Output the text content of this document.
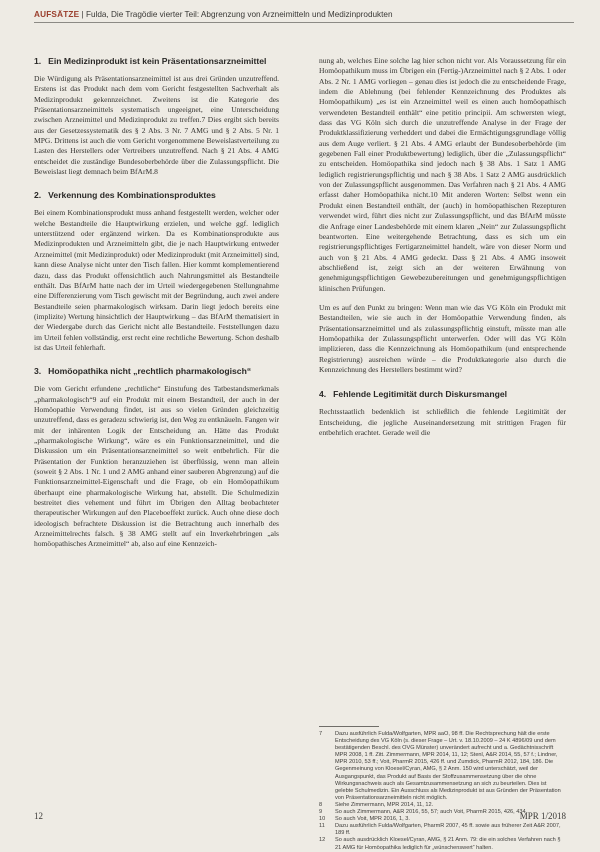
AUFSÄTZE | Fulda, Die Tragödie vierter Teil: Abgrenzung von Arzneimitteln und Medizinprodukten
1. Ein Medizinprodukt ist kein Präsentationsarzneimittel

Die Würdigung als Präsentationsarzneimittel ist aus drei Gründen unzutreffend. Erstens ist das Produkt nach dem vom Gericht festgestellten Sachverhalt als Medizinprodukt gekennzeichnet. Zweitens ist die Kategorie des Präsentationsarzneimittels systematisch ungeeignet, eine Unterscheidung zwischen Arzneimittel und Medizinprodukt zu treffen.7 Dies ergibt sich bereits aus der Gesetzessystematik des § 2 Abs. 3 Nr. 7 AMG und § 2 Abs. 5 Nr. 1 MPG. Drittens ist auch die vom Gericht vorgenommene Beweislastverteilung zu Lasten des Herstellers oder Vertreibers unzutreffend. Nach § 21 Abs. 4 AMG entscheidet die zuständige Bundesoberbehörde über die Zulassungspflicht. Die Beweislast liegt demnach beim BfArM.8

2. Verkennung des Kombinationsproduktes

Bei einem Kombinationsprodukt muss anhand festgestellt werden, welcher oder welche Bestandteile die Hauptwirkung erzielen, und welche ggf. lediglich unterstützend oder ergänzend wirken. Da es Kombinationsprodukte aus Medizinprodukten und Arzneimitteln gibt, die je nach Hauptwirkung entweder Arzneimittel (mit Medizinprodukt) oder Medizinprodukt (mit Arzneimittel) sind, kann diese Analyse nicht unter den Tisch fallen. Hier kommt komplementierend dazu, dass das Produkt offensichtlich auch Nahrungsmittel als Bestandteile enthält. Das BfArM hatte nach der im Urteil wiedergegebenen Stellungnahme eine Differenzierung vom Tisch gewischt mit der Begründung, auch zwei andere Bestandteile seien pharmakologisch wirksam. Darin liegt jedoch bereits eine (implizite) Wertung hinsichtlich der Hauptwirkung – das BfArM thematisiert in der Wiedergabe durch das Gericht nicht alle Bestandteile. Feststellungen dazu im Urteil fehlen vollständig, erst recht eine rechtliche Bewertung. Schon deshalb ist das Urteil fehlerhaft.

3. Homöopathika nicht „rechtlich pharmakologisch“

Die vom Gericht erfundene „rechtliche“ Einstufung des Tatbestandsmerkmals „pharmakologisch“9 auf ein Produkt mit einem Bestandteil, der auch in der Homöopathie Verwendung findet, ist aus so vielen Gründen gleichzeitig unzutreffend, dass es geradezu schwierig ist, den Weg zu entknäueln. Fangen wir mit der inhärenten Logik der Entscheidung an. Hätte das Produkt „pharmakologische Wirkung“, wäre es ein Funktionsarzneimittel, und die Diskussion um ein Präsentationsarzneimittel so weit entbehrlich. Für die Präsentation der Funktion heranzuziehen ist überflüssig, wenn man allein (soweit § 2 Abs. 1 Nr. 1 und 2 AMG anhand einer sauberen Abgrenzung) auf die Funktionsarzneimittel-Eigenschaft und die Frage, ob ein Homöopathikum überhaupt eine pharmakologische Wirkung hat, abstellt. Die Schulmedizin bestreitet dies vehement und führt im Übrigen den Alltag beobachteter therapeutischer Wirkungen auf den Placeboeffekt zurück. Auch ohne diese doch ideologisch befrachtete Diskussion ist die Betrachtung auch innerhalb des Arzneimittelrechts falsch. § 38 AMG stellt auf ein Inverkehrbringen „als homöopathisches Arzneimittel“ ab, also auf eine Kennzeich-

nung ab, welches Eine solche lag hier schon nicht vor. Als Voraussetzung für ein Homöopathikum muss im Übrigen ein (Fertig-)Arzneimittel nach § 2 Abs. 1 oder Abs. 2 Nr. 1 AMG vorliegen – genau dies ist jedoch die zu entscheidende Frage, indem die Ablehnung (bei fehlender Kennzeichnung des Produktes als Homöopathikum) „es ist ein Arzneimittel weil es einen auch homöopathisch verwendeten Bestandteil enthält“ eine petitio principii. Am schwersten wiegt, dass das VG Köln sich durch die unzutreffende Analyse in der Frage der Produktklassifizierung verheddert und dabei die Ermächtigungsgrundlage völlig aus dem Auge verliert. § 21 Abs. 4 AMG erlaubt der Bundesoberbehörde (im gegebenen Fall einer Produktbewertung) lediglich, über die „Zulassungspflicht“ zu entscheiden. Homöopathika sind jedoch nach § 38 Abs. 1 Satz 1 AMG lediglich registrierungspflichtig und nach § 38 Abs. 1 Satz 2 AMG ausdrücklich von der Zulassungspflicht ausgenommen. Das Verfahren nach § 21 Abs. 4 AMG erfasst daher Homöopathika nicht.10 Mit anderen Worten: Selbst wenn ein Produkt einen Bestandteil enthält, der (auch) in homöopathischen Rezepturen verwendet wird, führt dies nicht zur Zulassungspflicht, und das BfArM müsste die Anfrage einer Landesbehörde mit einem klaren „Nein“ zur Zulassungspflicht beantworten. Eine weitergehende Betrachtung, dass es sich um ein registrierungspflichtiges Fertigarzneimittel handelt, wäre von dieser Norm und auch von § 21 Abs. 4 AMG gedeckt. Dass § 21 Abs. 4 AMG insoweit abschließend ist, zeigt sich an der weiteren Erwähnung von genehmigungspflichtigen Gewebezubereitungen und genehmigungspflichtigen klinischen Prüfungen.

Um es auf den Punkt zu bringen: Wenn man wie das VG Köln ein Produkt mit Bestandteilen, wie sie auch in der Homöopathie Verwendung finden, als Präsentationsarzneimittel und als zulassungspflichtig einstuft, müsste man alle Homöopathika der Zulassungspflicht unterwerfen. Oder will das VG Köln implizieren, dass die Kennzeichnung als Homöopathikum (und entsprechende Registrierung) ausreichen würde – die Produktkategorie also durch die Kennzeichnung des Herstellers bestimmt wird?

4. Fehlende Legitimität durch Diskursmangel

Rechtsstaatlich bedenklich ist schließlich die fehlende Legitimität der Entscheidung, die jegliche Auseinandersetzung mit strittigen Fragen für entbehrlich erachtet. Gerade weil die

7	Dazu ausführlich Fulda/Wolfgarten, MPR aaO, 98 ff. Die Rechtsprechung hält die erste Entscheidung des VG Köln (s. dieser Frage – Urt. v. 18.10.2009 – 24 K 4896/09 und dem bestätigenden Beschl. des OVG Münster) unverändert aufrecht und a. Gedächtnisschrift MPR 2008, 1 ff. Zitt. Zimmermann, MPR 2014, 11, 12; Stenl, A&R 2014, 55, 57 f.; Lindner, MPR 2010, 53 ff.; Voit, PharmR 2015, 426 ff. und Zumdick, PharmR 2012, 184, 186. Die Gegenmeinung von Kloesel/Cyran, AMG, § 2 Anm. 150 wird unterschätzt, weil der Ausgangspunkt, das Produkt auf Basis der Stoffzusammensetzung über die ohne Wirkungsnachweis auch als Gesamtzusammensetzung an sich zu beurteilen. Dies ist gelebte Schulmedizin. Ein Ausschluss als Medizinprodukt ist aus Gründen der Präsentation von Präsentationsarzneimitteln nicht möglich.
8	Siehe Zimmermann, MPR 2014, 11, 12.
9	So auch Zimmermann, A&R 2016, 55, 57; auch Voit, PharmR 2015, 426, 434.
10	So auch Voit, MPR 2016, 1, 3.
11	Dazu ausführlich Fulda/Wolfgarten, PharmR 2007, 45 ff. sowie aus früherer Zeit A&R 2007, 189 ff.
12	So auch ausdrücklich Kloesel/Cyran, AMG, § 21 Anm. 79: die ein solches Verfahren nach § 21 AMG für Homöopathika lediglich für „wünschenswert“ halten.
12	MPR 1/2018
